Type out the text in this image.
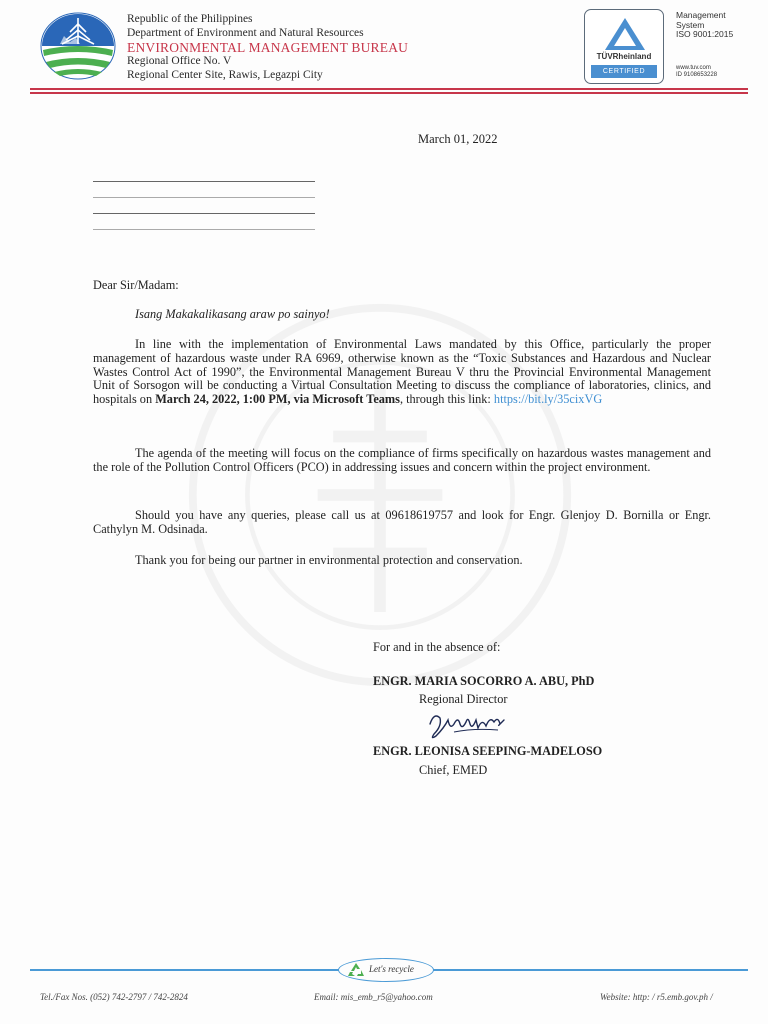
Republic of the Philippines
Department of Environment and Natural Resources
ENVIRONMENTAL MANAGEMENT BUREAU
Regional Office No. V
Regional Center Site, Rawis, Legazpi City
TÜVRheinland
CERTIFIED
Management
System
ISO 9001:2015
www.tuv.com
ID 9108653228
March 01, 2022
Dear Sir/Madam:
Isang Makakalikasang araw po sainyo!
In line with the implementation of Environmental Laws mandated by this Office, particularly the proper management of hazardous waste under RA 6969, otherwise known as the “Toxic Substances and Hazardous and Nuclear Wastes Control Act of 1990”, the Environmental Management Bureau V thru the Provincial Environmental Management Unit of Sorsogon will be conducting a Virtual Consultation Meeting to discuss the compliance of laboratories, clinics, and hospitals on March 24, 2022, 1:00 PM, via Microsoft Teams, through this link: https://bit.ly/35cixVG
The agenda of the meeting will focus on the compliance of firms specifically on hazardous wastes management and the role of the Pollution Control Officers (PCO) in addressing issues and concern within the project environment.
Should you have any queries, please call us at 09618619757 and look for Engr. Glenjoy D. Bornilla or Engr. Cathylyn M. Odsinada.
Thank you for being our partner in environmental protection and conservation.
For and in the absence of:
ENGR. MARIA SOCORRO A. ABU, PhD
Regional Director
ENGR. LEONISA SEEPING-MADELOSO
Chief, EMED
Let's recycle
Tel./Fax Nos. (052) 742-2797 / 742-2824	Email: mis_emb_r5@yahoo.com	Website: http: / r5.emb.gov.ph /
